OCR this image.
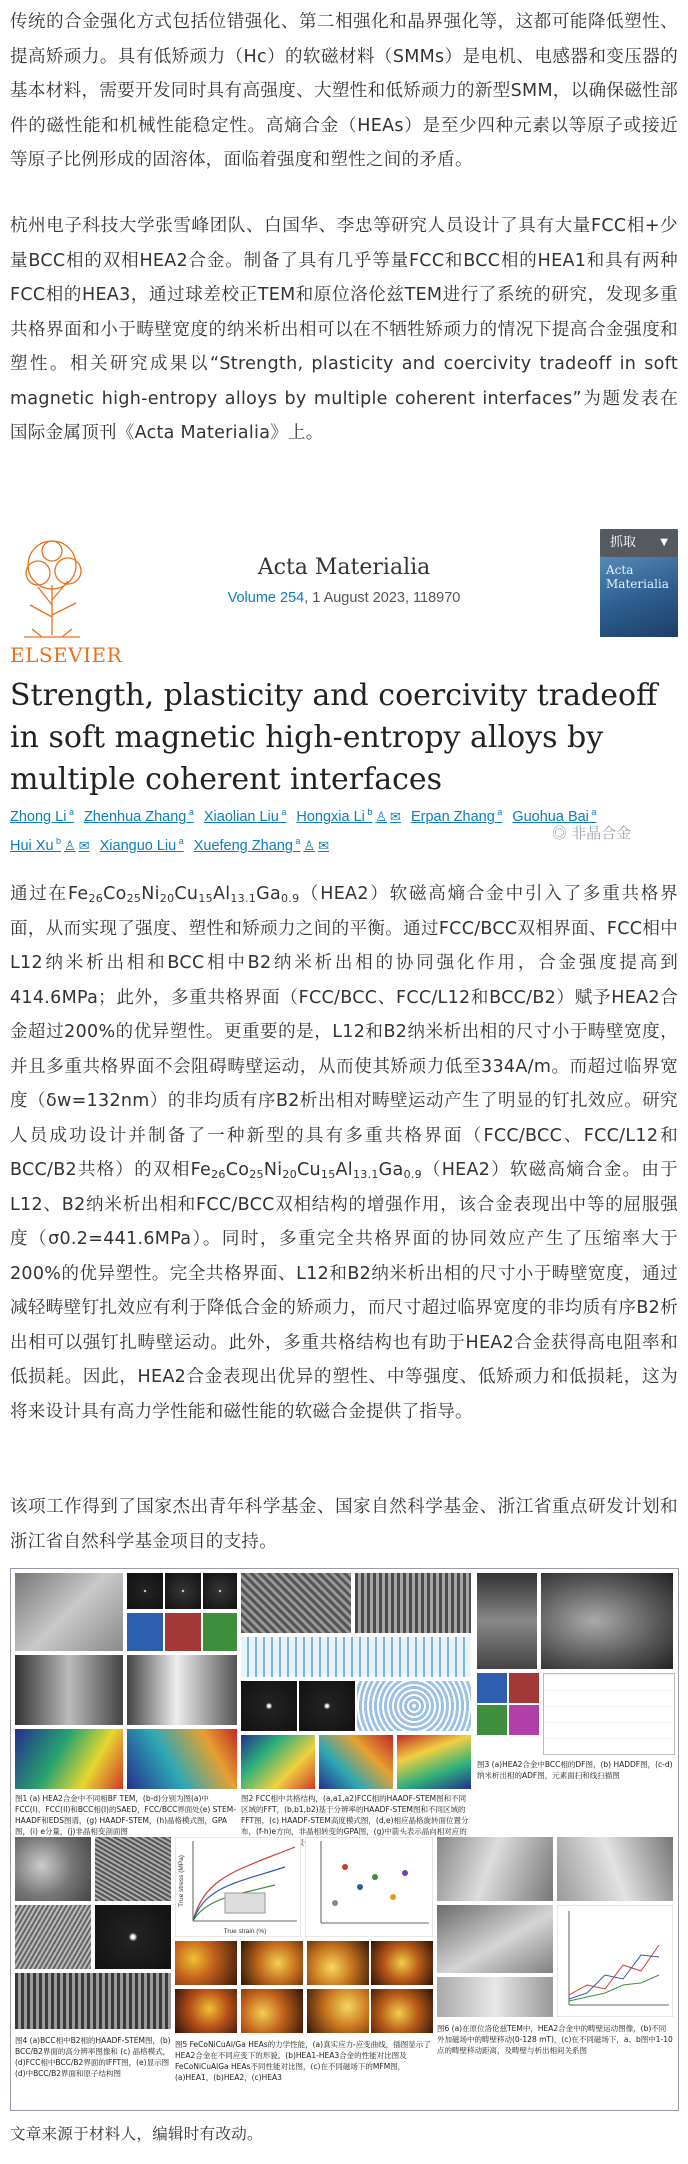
传统的合金强化方式包括位错强化、第二相强化和晶界强化等，这都可能降低塑性、提高矫顽力。具有低矫顽力（Hc）的软磁材料（SMMs）是电机、电感器和变压器的基本材料，需要开发同时具有高强度、大塑性和低矫顽力的新型SMM，以确保磁性部件的磁性能和机械性能稳定性。高熵合金（HEAs）是至少四种元素以等原子或接近等原子比例形成的固溶体，面临着强度和塑性之间的矛盾。

杭州电子科技大学张雪峰团队、白国华、李忠等研究人员设计了具有大量FCC相+少量BCC相的双相HEA2合金。制备了具有几乎等量FCC和BCC相的HEA1和具有两种FCC相的HEA3，通过球差校正TEM和原位洛伦兹TEM进行了系统的研究，发现多重共格界面和小于畴壁宽度的纳米析出相可以在不牺牲矫顽力的情况下提高合金强度和塑性。相关研究成果以“Strength, plasticity and coercivity tradeoff in soft magnetic high-entropy alloys by multiple coherent interfaces”为题发表在国际金属顶刊《Acta Materialia》上。

ELSEVIER
Acta Materialia
Volume 254, 1 August 2023, 118970
Acta Materialia
抓取	▼
Strength, plasticity and coercivity tradeoff in soft magnetic high-entropy alloys by multiple coherent interfaces
Zhong Li $^a$ Zhenhua Zhang $^a$ Xiaolian Liu $^a$ Hongxia Li $^b$ ♙ ✉ Erpan Zhang $^a$ Guohua Bai $^a$
Hui Xu $^b$ ♙ ✉ Xianguo Liu $^a$ Xuefeng Zhang $^a$ ♙ ✉
◎ 非晶合金

通过在$Fe_{26}Co_{25}Ni_{20}Cu_{15}Al_{13.1}Ga_{0.9}(HEA2)$软磁高熵合金中引入了多重共格界面，从而实现了强度、塑性和矫顽力之间的平衡。通过FCC/BCC双相界面、FCC相中L12纳米析出相和BCC相中B2纳米析出相的协同强化作用，合金强度提高到414.6MPa；此外，多重共格界面（FCC/BCC、FCC/L12和BCC/B2）赋予HEA2合金超过200%的优异塑性。更重要的是，L12和B2纳米析出相的尺寸小于畴壁宽度，并且多重共格界面不会阻碍畴壁运动，从而使其矫顽力低至334A/m。而超过临界宽度（δw=132nm）的非均质有序B2析出相对畴壁运动产生了明显的钉扎效应。研究人员成功设计并制备了一种新型的具有多重共格界面（FCC/BCC、FCC/L12和BCC/B2共格）的双相$Fe_{26}Co_{25}Ni_{20}Cu_{15}Al_{13.1}Ga_{0.9}(HEA2)$软磁高熵合金。由于L12、B2纳米析出相和FCC/BCC双相结构的增强作用，该合金表现出中等的屈服强度（σ0.2=441.6MPa）。同时，多重完全共格界面的协同效应产生了压缩率大于200%的优异塑性。完全共格界面、L12和B2纳米析出相的尺寸小于畴壁宽度，通过减轻畴壁钉扎效应有利于降低合金的矫顽力，而尺寸超过临界宽度的非均质有序B2析出相可以强钉扎畴壁运动。此外，多重共格结构也有助于HEA2合金获得高电阻率和低损耗。因此，HEA2合金表现出优异的塑性、中等强度、低矫顽力和低损耗，这为将来设计具有高力学性能和磁性能的软磁合金提供了指导。

该项工作得到了国家杰出青年科学基金、国家自然科学基金、浙江省重点研发计划和浙江省自然科学基金项目的支持。

图1 (a) HEA2合金中不同相BF TEM，(b-d)分别为图(a)中FCC(I)、FCC(II)和BCC相(I)的SAED，FCC/BCC界面处(e) STEM-HAADF和EDS图谱，(g) HAADF-STEM，(h)晶格模式图，GPA图，(i) e分量，(j)非晶相变剖面图
图2 FCC相中共格结构，(a,a1,a2)FCC相的HAADF-STEM图和不同区域的FFT，(b,b1,b2)基于分辨率的HAADF-STEM图和不同区域的FFT图，(c) HAADF-STEM高度模式图，(d,e)相应晶格旋转面位置分布，(f-h)e方向，非晶相转变的GPA图，(g)中箭头表示晶向相对应的 表位
图3 (a)HEA2合金中BCC相的DF图，(b) HADDF图，(c-d)纳米析出相的ADF图，元素面扫和线扫描图
图4 (a)BCC相中B2相的HAADF-STEM图，(b) BCC/B2界面的高分辨率图像和 (c) 晶格模式，(d)FCC相中BCC/B2界面的IFFT图，(e)显示图(d)中BCC/B2界面和原子结构图
True strain (%)
True stress (MPa)
图5 FeCoNiCuAl/Ga HEAs的力学性能，(a)真实应力-应变曲线，插图显示了HEA2合金在不同应变下的形貌，(b)HEA1-HEA3合金的性能对比图及FeCoNiCuAlGa HEAs不同性能对比图，(c)在不同磁场下的MFM图，(a)HEA1，(b)HEA2，(c)HEA3
图6 (a)在原位洛伦兹TEM中，HEA2合金中的畴壁运动图像，(b)不同外加磁场中的畴壁移动(0-128 mT)，(c)在不同磁场下，a、b图中1-10点的畴壁移动距离，及畴壁与析出相间关系图
文章来源于材料人，编辑时有改动。
